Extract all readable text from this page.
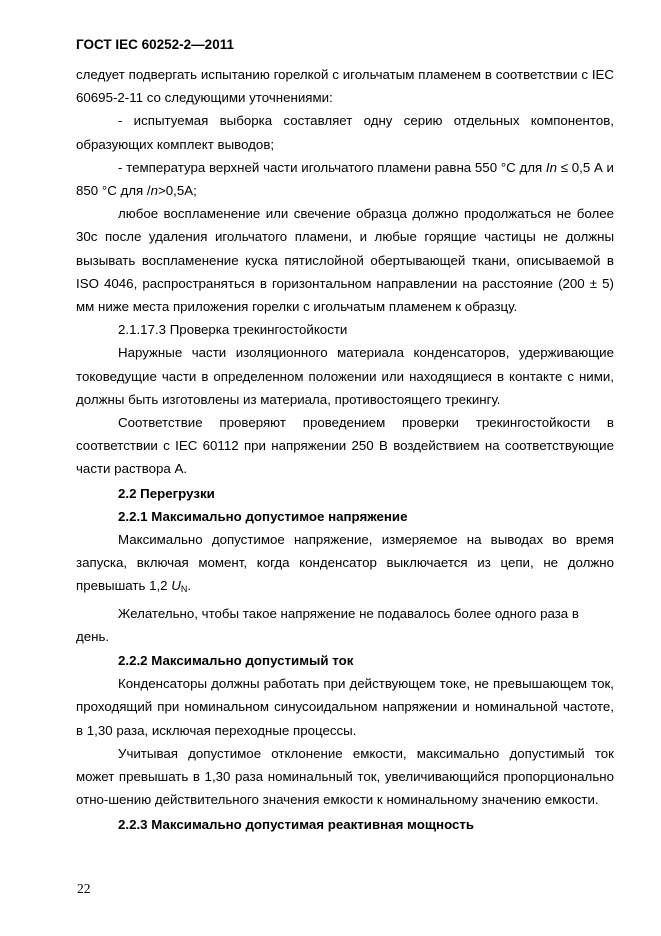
ГОСТ IEC 60252-2—2011

следует подвергать испытанию горелкой с игольчатым пламенем в соответствии с IEC 60695-2-11 со следующими уточнениями:

- испытуемая выборка составляет одну серию отдельных компонентов, образующих комплект выводов;

- температура верхней части игольчатого пламени равна 550 °С для In ≤ 0,5 А и 850 °С для /n>0,5А;

любое воспламенение или свечение образца должно продолжаться не более 30с после удаления игольчатого пламени, и любые горящие частицы не должны вызывать воспламенение куска пятислойной обертывающей ткани, описываемой в ISO 4046, распространяться в горизонтальном направлении на расстояние (200 ± 5) мм ниже места приложения горелки с игольчатым пламенем к образцу.

2.1.17.3 Проверка трекингостойкости

Наружные части изоляционного материала конденсаторов, удерживающие токоведущие части в определенном положении или находящиеся в контакте с ними, должны быть изготовлены из материала, противостоящего трекингу.

Соответствие проверяют проведением проверки трекингостойкости в соответствии с IEC 60112 при напряжении 250 В воздействием на соответствующие части раствора А.

2.2 Перегрузки

2.2.1 Максимально допустимое напряжение

Максимально допустимое напряжение, измеряемое на выводах во время запуска, включая момент, когда конденсатор выключается из цепи, не должно превышать 1,2 $U_N$.

Желательно, чтобы такое напряжение не подавалось более одного раза в день.

2.2.2 Максимально допустимый ток

Конденсаторы должны работать при действующем токе, не превышающем ток, проходящий при номинальном синусоидальном напряжении и номинальной частоте, в 1,30 раза, исключая переходные процессы.

Учитывая допустимое отклонение емкости, максимально допустимый ток может превышать в 1,30 раза номинальный ток, увеличивающийся пропорционально отно-шению действительного значения емкости к номинальному значению емкости.

2.2.3 Максимально допустимая реактивная мощность

22
